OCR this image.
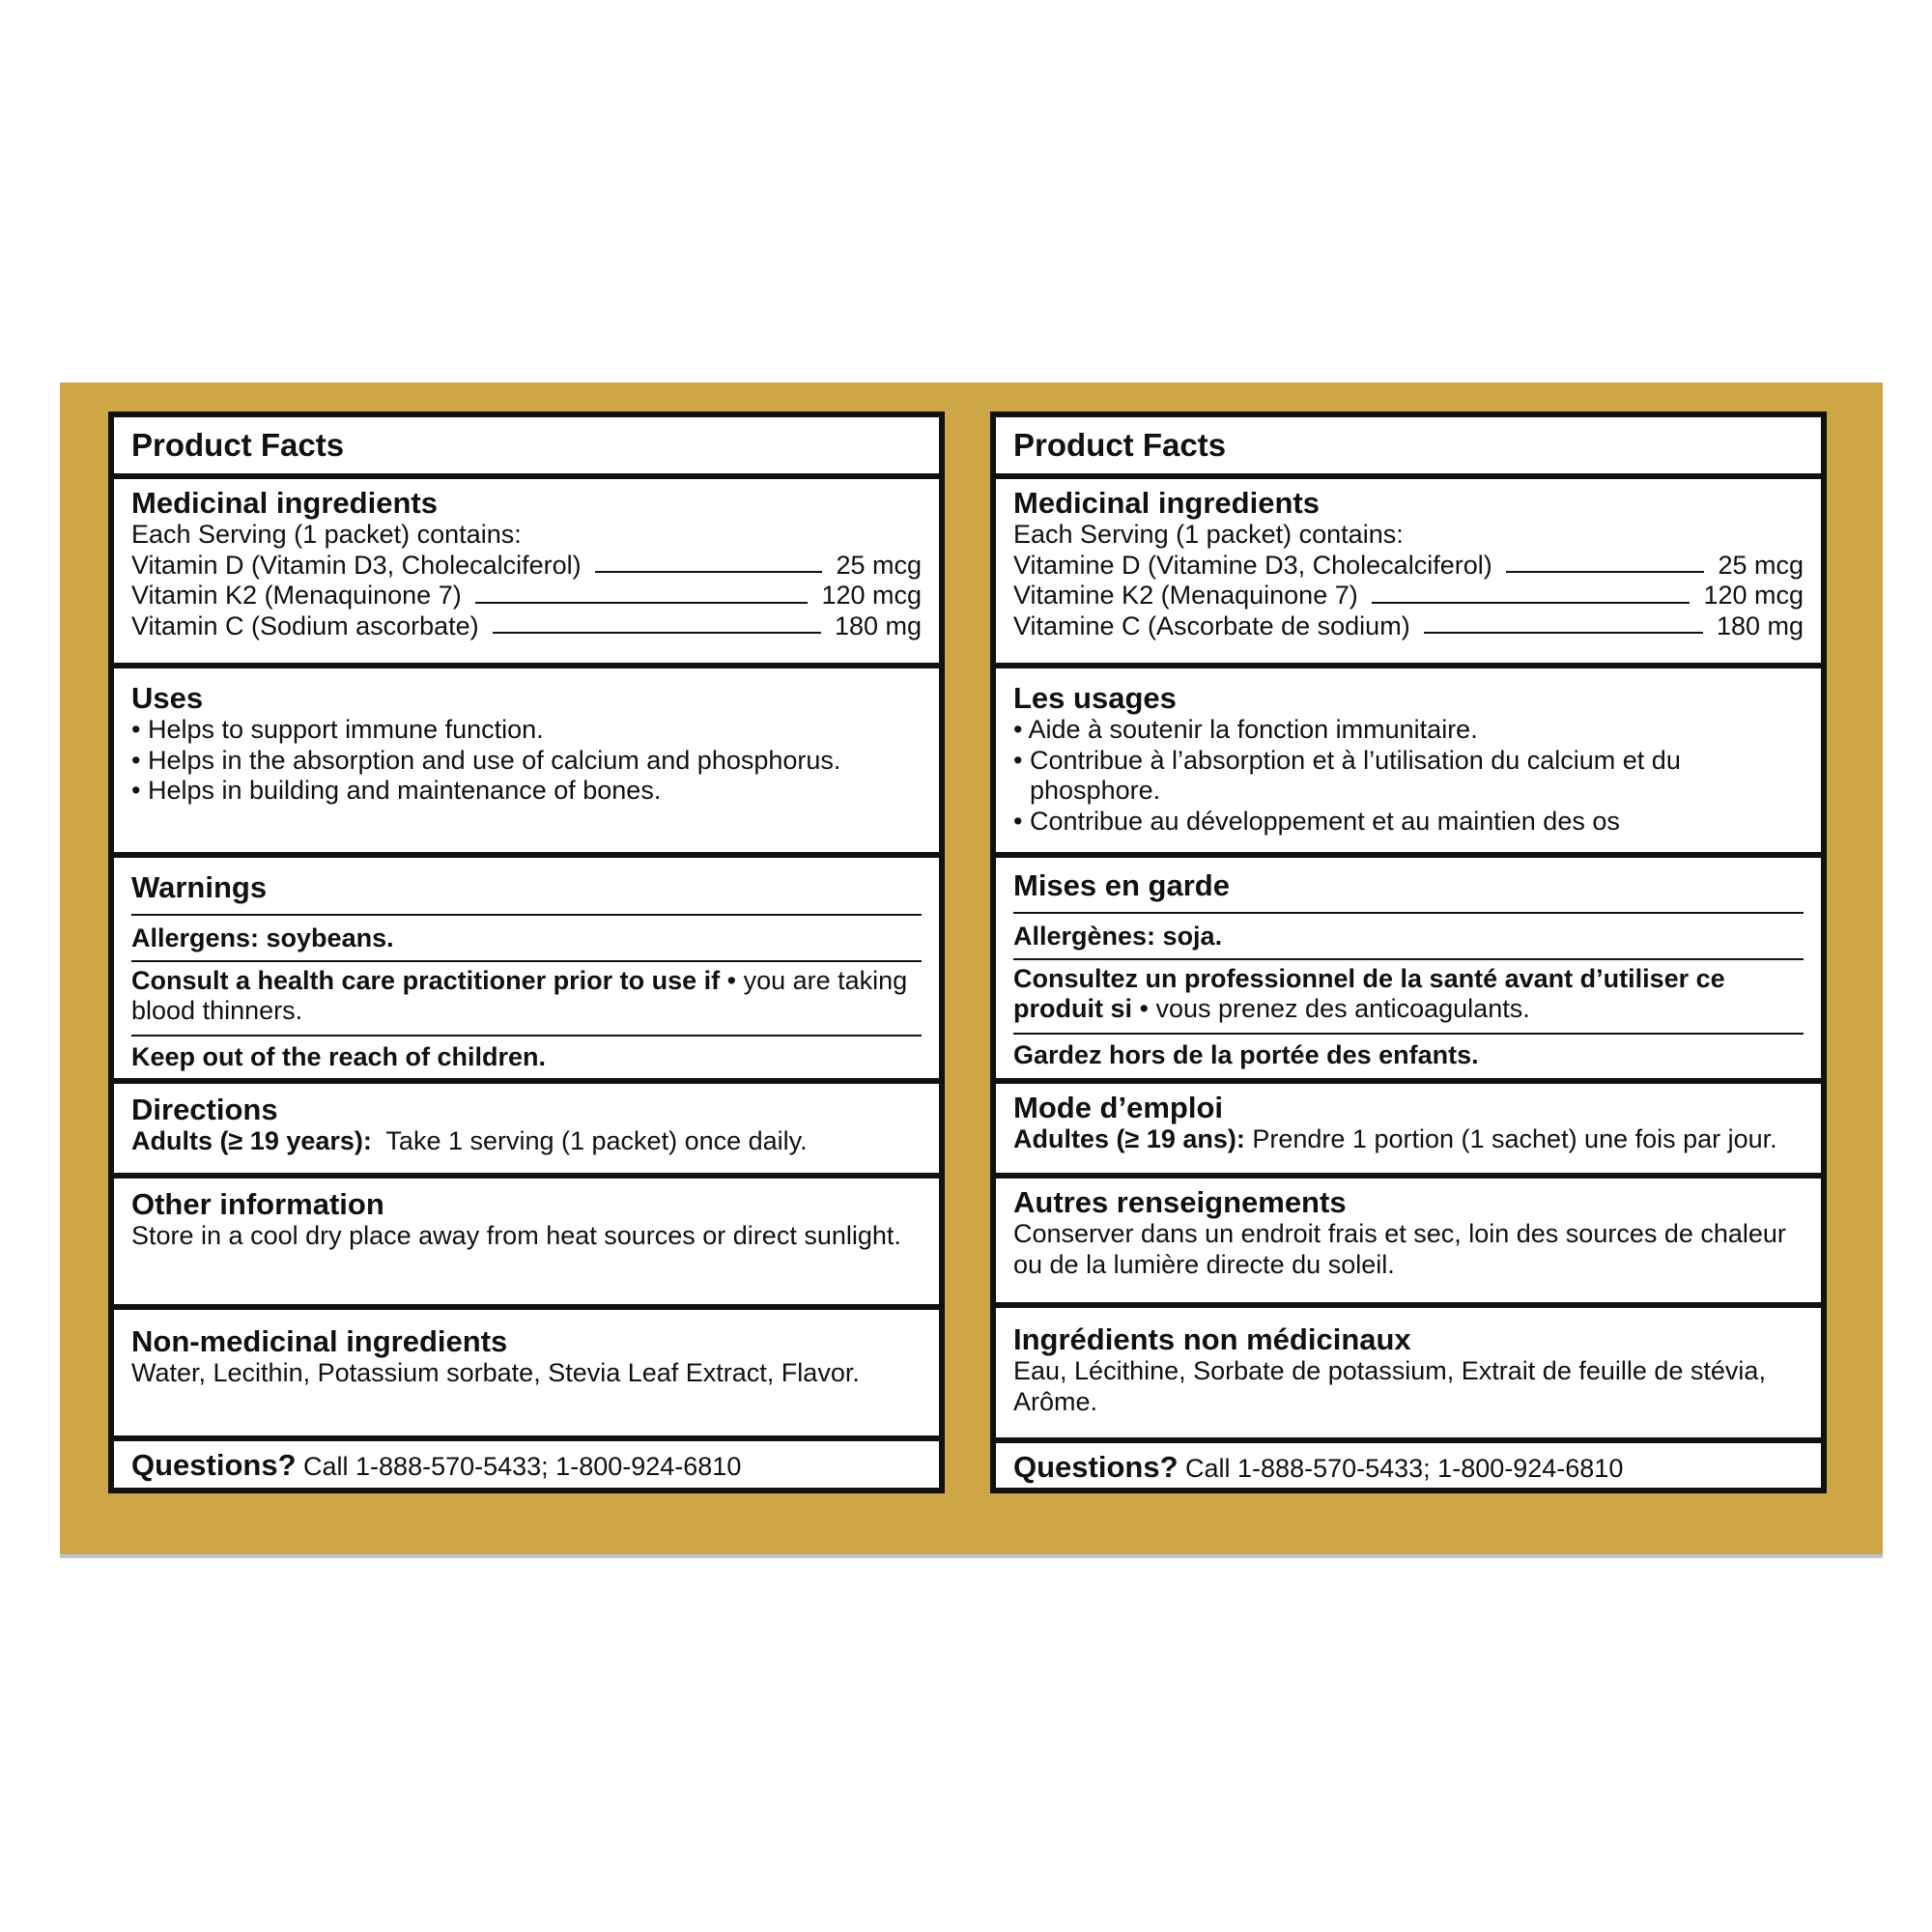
Product Facts
Medicinal ingredients
Each Serving (1 packet) contains:
Vitamin D (Vitamin D3, Cholecalciferol)	25 mcg
Vitamin K2 (Menaquinone 7)	120 mcg
Vitamin C (Sodium ascorbate)	180 mg
Uses
• Helps to support immune function.
• Helps in the absorption and use of calcium and phosphorus.
• Helps in building and maintenance of bones.
Warnings
Allergens: soybeans.
Consult a health care practitioner prior to use if • you are taking blood thinners.
Keep out of the reach of children.
Directions
Adults (≥ 19 years):  Take 1 serving (1 packet) once daily.
Other information
Store in a cool dry place away from heat sources or direct sunlight.
Non-medicinal ingredients
Water, Lecithin, Potassium sorbate, Stevia Leaf Extract, Flavor.
Questions? Call 1-888-570-5433; 1-800-924-6810
Product Facts
Medicinal ingredients
Each Serving (1 packet) contains:
Vitamine D (Vitamine D3, Cholecalciferol)	25 mcg
Vitamine K2 (Menaquinone 7)	120 mcg
Vitamine C (Ascorbate de sodium)	180 mg
Les usages
• Aide à soutenir la fonction immunitaire.
• Contribue à l’absorption et à l’utilisation du calcium et du phosphore.
• Contribue au développement et au maintien des os
Mises en garde
Allergènes: soja.
Consultez un professionnel de la santé avant d’utiliser ce produit si • vous prenez des anticoagulants.
Gardez hors de la portée des enfants.
Mode d’emploi
Adultes (≥ 19 ans): Prendre 1 portion (1 sachet) une fois par jour.
Autres renseignements
Conserver dans un endroit frais et sec, loin des sources de chaleur ou de la lumière directe du soleil.
Ingrédients non médicinaux
Eau, Lécithine, Sorbate de potassium, Extrait de feuille de stévia, Arôme.
Questions? Call 1-888-570-5433; 1-800-924-6810
